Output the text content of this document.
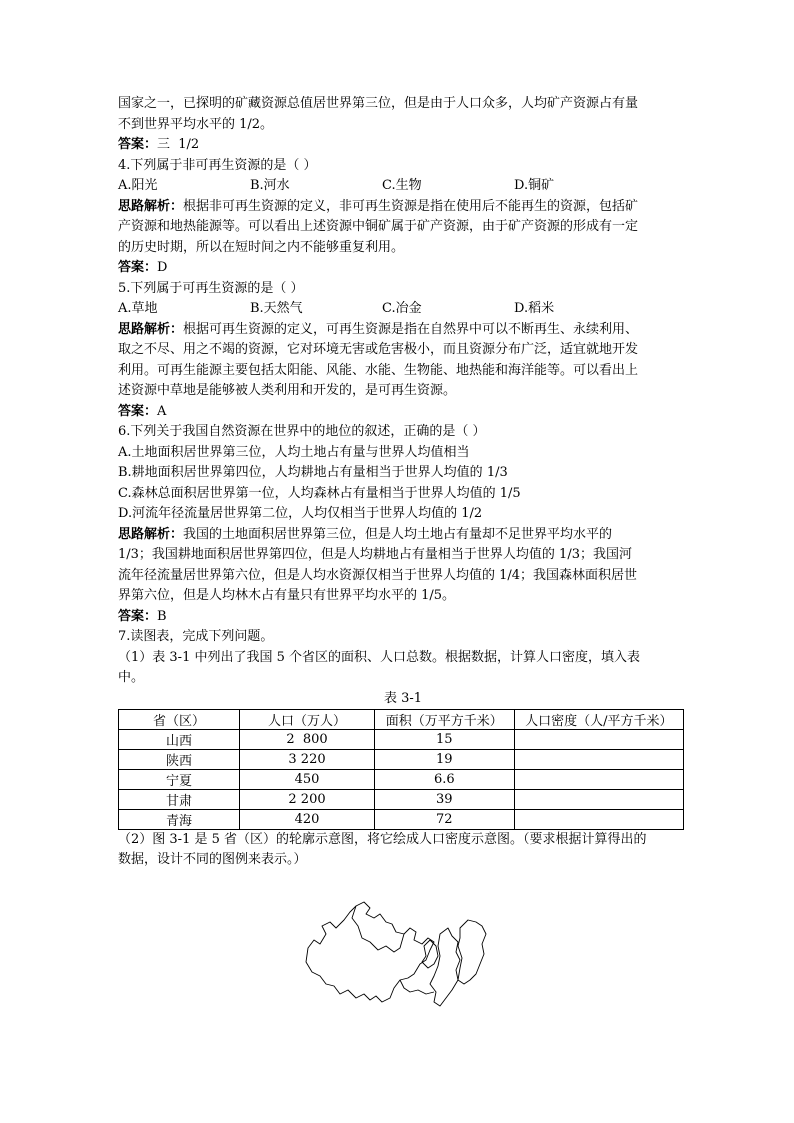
国家之一，已探明的矿藏资源总值居世界第三位，但是由于人口众多，人均矿产资源占有量
不到世界平均水平的 1/2。
答案：三  1/2
4.下列属于非可再生资源的是（ ）
A.阳光	B.河水	C.生物	D.铜矿
思路解析：根据非可再生资源的定义，非可再生资源是指在使用后不能再生的资源，包括矿
产资源和地热能源等。可以看出上述资源中铜矿属于矿产资源，由于矿产资源的形成有一定
的历史时期，所以在短时间之内不能够重复利用。
答案：D
5.下列属于可再生资源的是（ ）
A.草地	B.天然气	C.冶金	D.稻米
思路解析：根据可再生资源的定义，可再生资源是指在自然界中可以不断再生、永续利用、
取之不尽、用之不竭的资源，它对环境无害或危害极小，而且资源分布广泛，适宜就地开发
利用。可再生能源主要包括太阳能、风能、水能、生物能、地热能和海洋能等。可以看出上
述资源中草地是能够被人类利用和开发的，是可再生资源。
答案：A
6.下列关于我国自然资源在世界中的地位的叙述，正确的是（ ）
A.土地面积居世界第三位，人均土地占有量与世界人均值相当
B.耕地面积居世界第四位，人均耕地占有量相当于世界人均值的 1/3
C.森林总面积居世界第一位，人均森林占有量相当于世界人均值的 1/5
D.河流年径流量居世界第二位，人均仅相当于世界人均值的 1/2
思路解析：我国的土地面积居世界第三位，但是人均土地占有量却不足世界平均水平的
1/3；我国耕地面积居世界第四位，但是人均耕地占有量相当于世界人均值的 1/3；我国河
流年径流量居世界第六位，但是人均水资源仅相当于世界人均值的 1/4；我国森林面积居世
界第六位，但是人均林木占有量只有世界平均水平的 1/5。
答案：B
7.读图表，完成下列问题。
（1）表 3-1 中列出了我国 5 个省区的面积、人口总数。根据数据，计算人口密度，填入表
中。
表 3-1
省（区）	人口（万人）	面积（万平方千米）	人口密度（人/平方千米）
山西	2  800	15	
陕西	3 220	19	
宁夏	450	6.6	
甘肃	2 200	39	
青海	420	72	
（2）图 3-1 是 5 省（区）的轮廓示意图，将它绘成人口密度示意图。（要求根据计算得出的
数据，设计不同的图例来表示。）
